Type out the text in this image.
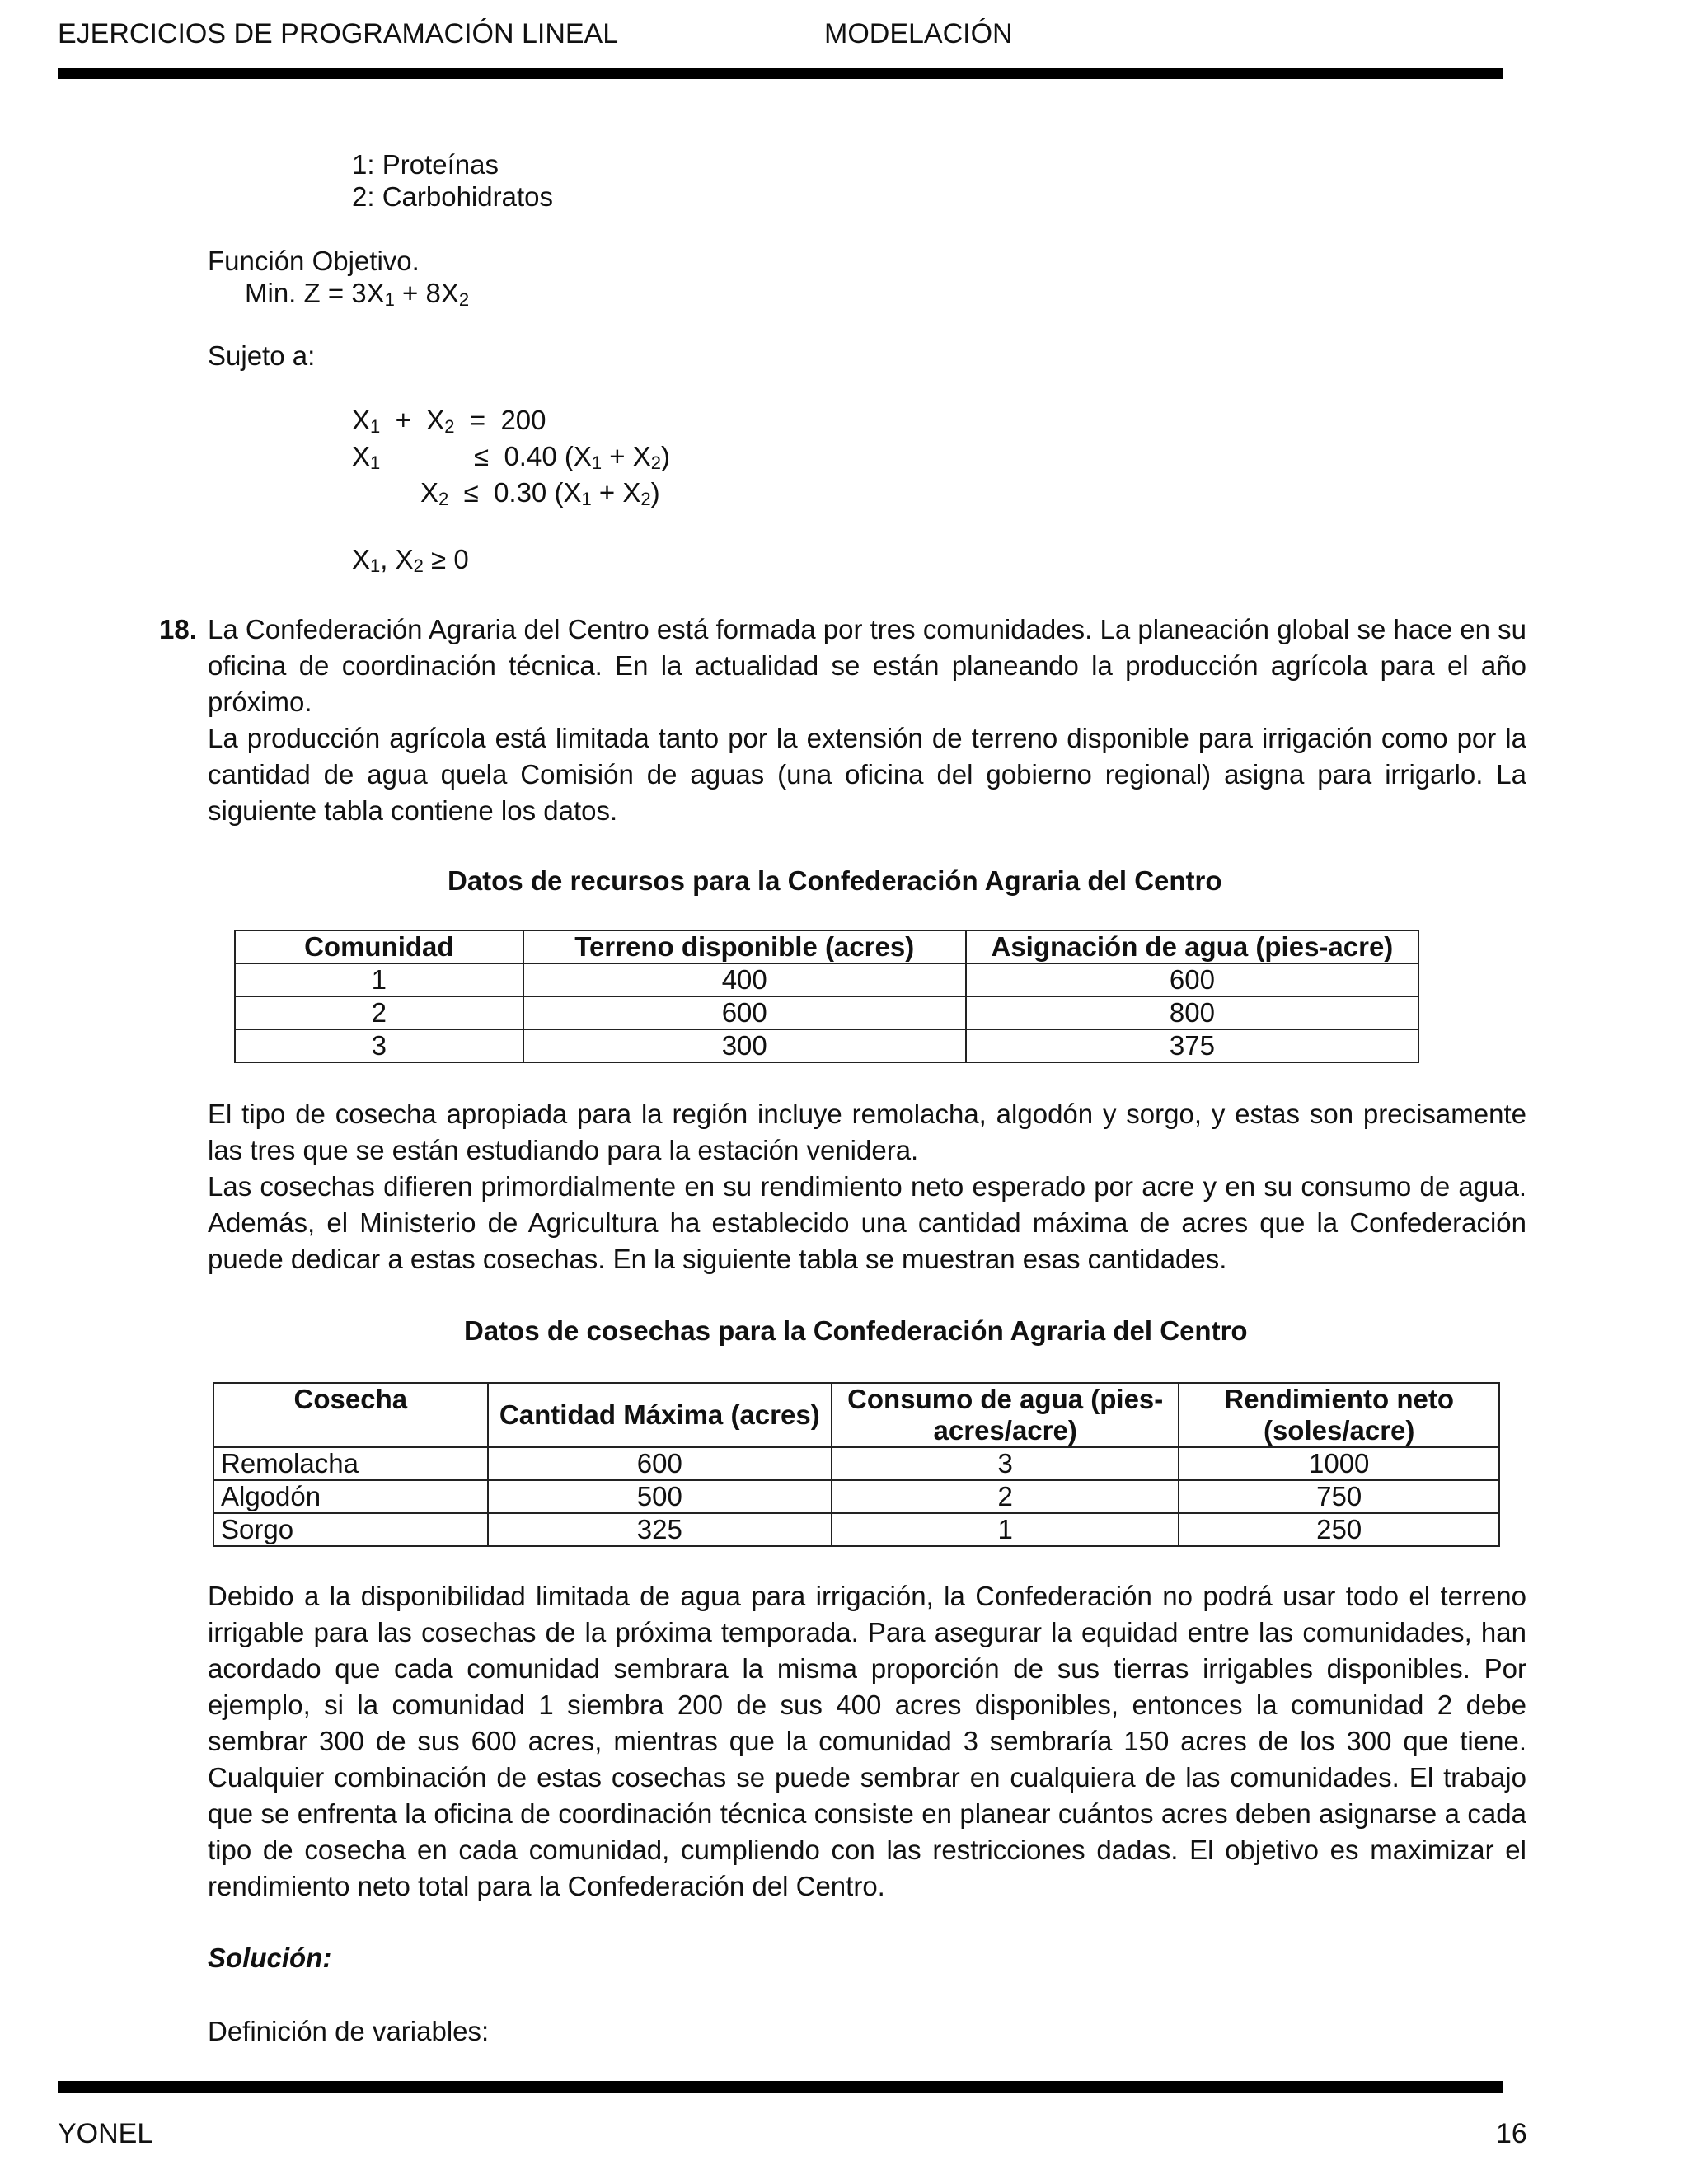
EJERCICIOS DE PROGRAMACIÓN LINEAL	MODELACIÓN
1: Proteínas
2: Carbohidratos
Función Objetivo.
Min. $Z = 3X_1 + 8X_2$
Sujeto a:
$X_1 + X_2 = 200$
$X_1$	≤  0.40 $(X_1 + X_2)$
$X_2 \le 0.30$ $(X_1 + X_2)$
$X_1$, $X_2 \ge 0$
18. La Confederación Agraria del Centro está formada por tres comunidades. La planeación global se hace en su oficina de coordinación técnica. En la actualidad se están planeando la producción agrícola para el año próximo.

La producción agrícola está limitada tanto por la extensión de terreno disponible para irrigación como por la cantidad de agua quela Comisión de aguas (una oficina del gobierno regional) asigna para irrigarlo. La siguiente tabla contiene los datos.

Datos de recursos para la Confederación Agraria del Centro
Comunidad	Terreno disponible (acres)	Asignación de agua (pies-acre)
1	400	600
2	600	800
3	300	375

El tipo de cosecha apropiada para la región incluye remolacha, algodón y sorgo, y estas son precisamente las tres que se están estudiando para la estación venidera.

Las cosechas difieren primordialmente en su rendimiento neto esperado por acre y en su consumo de agua. Además, el Ministerio de Agricultura ha establecido una cantidad máxima de acres que la Confederación puede dedicar a estas cosechas. En la siguiente tabla se muestran esas cantidades.

Datos de cosechas para la Confederación Agraria del Centro
Cosecha	Cantidad Máxima (acres)	Consumo de agua (pies- acres/acre)	Rendimiento neto (soles/acre)
Remolacha	600	3	1000
Algodón	500	2	750
Sorgo	325	1	250

Debido a la disponibilidad limitada de agua para irrigación, la Confederación no podrá usar todo el terreno irrigable para las cosechas de la próxima temporada. Para asegurar la equidad entre las comunidades, han acordado que cada comunidad sembrara la misma proporción de sus tierras irrigables disponibles. Por ejemplo, si la comunidad 1 siembra 200 de sus 400 acres disponibles, entonces la comunidad 2 debe sembrar 300 de sus 600 acres, mientras que la comunidad 3 sembraría 150 acres de los 300 que tiene. Cualquier combinación de estas cosechas se puede sembrar en cualquiera de las comunidades. El trabajo que se enfrenta la oficina de coordinación técnica consiste en planear cuántos acres deben asignarse a cada tipo de cosecha en cada comunidad, cumpliendo con las restricciones dadas. El objetivo es maximizar el rendimiento neto total para la Confederación del Centro.

Solución:
Definición de variables:
YONEL	16
